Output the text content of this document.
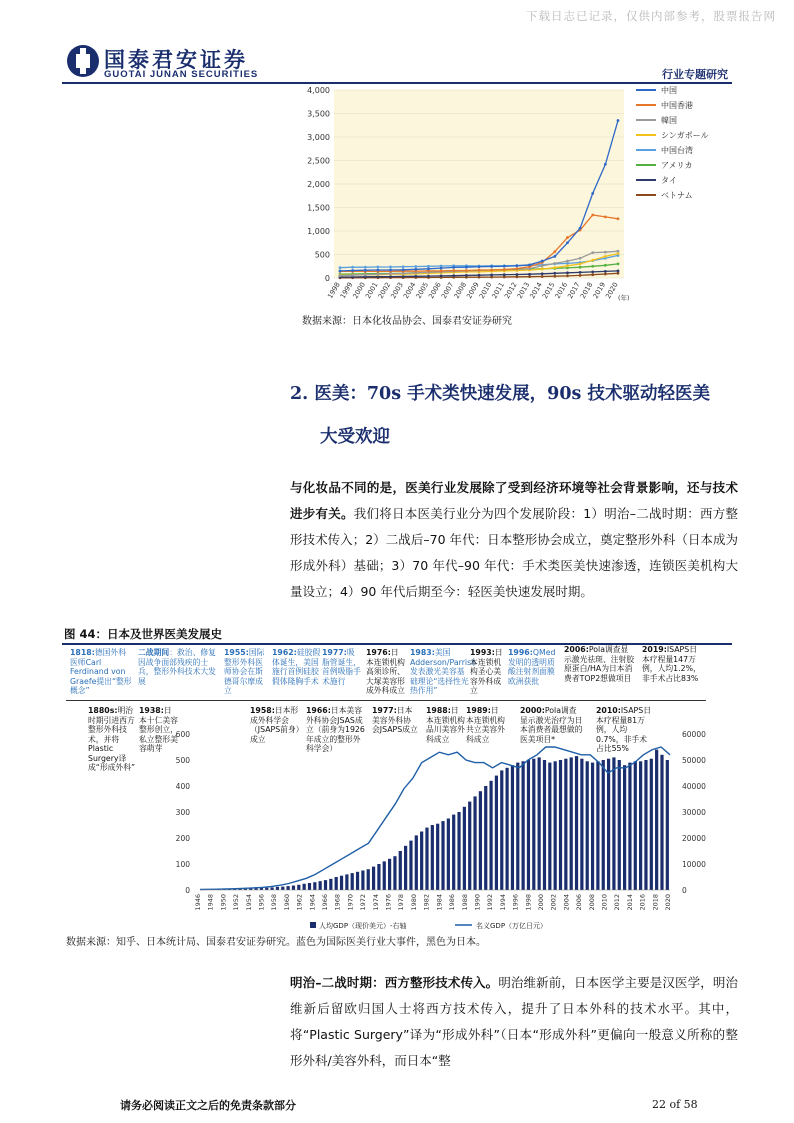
下载日志已记录，仅供内部参考，股票报告网
国泰君安证券
GUOTAI JUNAN SECURITIES	行业专题研究
0
500
1,000
1,500
2,000
2,500
3,000
3,500
4,000
1998
1999
2000
2001
2002
2003
2004
2005
2006
2007
2008
2009
2010
2011
2012
2013
2014
2015
2016
2017
2018
2019
2020
(年)
中国
中国香港
韓国
シンガポール
中国台湾
アメリカ
タイ
ベトナム
数据来源：日本化妆品协会、国泰君安证券研究
2. 医美：70s 手术类快速发展，90s 技术驱动轻医美
大受欢迎
与化妆品不同的是，医美行业发展除了受到经济环境等社会背景影响，还与技术进步有关。我们将日本医美行业分为四个发展阶段：1）明治–二战时期：西方整形技术传入；2）二战后–70 年代：日本整形协会成立，奠定整形外科（日本成为形成外科）基础；3）70 年代–90 年代：手术类医美快速渗透，连锁医美机构大量设立；4）90 年代后期至今：轻医美快速发展时期。
图 44：日本及世界医美发展史
1818:德国外科医师Carl Ferdinand von Graefe提出“整形概念”
二战期间：救治、修复因战争面部残疾的士兵，整形外科技术大发展
1955:国际整形外科医师协会在斯德哥尔摩成立
1962:硅胶假体诞生，美国施行首例硅胶假体隆胸手术
1977:吸脂管诞生，首例吸脂手术施行
1976:日本连锁机构高须诊所、大塚美容形成外科成立
1983:美国Adderson/Parrish发表激光美容基础理论“选择性光热作用”
1993:日本连锁机构圣心美容外科成立
1996:QMed发明的透明质酸注射剂面膜欧洲获批
2006:Pola调查显示激光祛斑、注射胶原蛋白/HA为日本消费者TOP2想做项目
2019:ISAPS日本疗程量147万例，人均1.2%，非手术占比83%
1880s:明治时期引进西方整形外科技术，并将Plastic Surgery译成“形成外科”
1938:日本十仁美容整形创立，私立整形美容萌芽
1958:日本形成外科学会（JSAPS前身）成立
1966:日本美容外科协会JSAS成立（前身为1926年成立的整形外科学会）
1977:日本美容外科协会JSAPS成立
1988:日本连锁机构品川美容外科成立
1989:日本连锁机构共立美容外科成立
2000:Pola调查显示激光治疗为日本消费者最想做的医美项目*
2010:ISAPS日本疗程量81万例，人均0.7%，非手术占比55%
0
100
200
300
400
500
600
0
10000
20000
30000
40000
50000
60000
1946 1948 1950 1952 1954 1956 1958 1960 1962 1964 1966 1968 1970 1972 1974 1976 1978 1980 1982 1984 1986 1988 1990 1992 1994 1996 1998 2000 2002 2004 2006 2008 2010 2012 2014 2016 2018 2020
人均GDP（现价美元）-右轴	名义GDP（万亿日元）
数据来源：知乎、日本统计局、国泰君安证券研究。蓝色为国际医美行业大事件，黑色为日本。
明治–二战时期：西方整形技术传入。明治维新前，日本医学主要是汉医学，明治维新后留欧归国人士将西方技术传入，提升了日本外科的技术水平。其中，将“Plastic Surgery”译为“形成外科”（日本“形成外科”更偏向一般意义所称的整形外科/美容外科，而日本“整
请务必阅读正文之后的免责条款部分	22 of 58
